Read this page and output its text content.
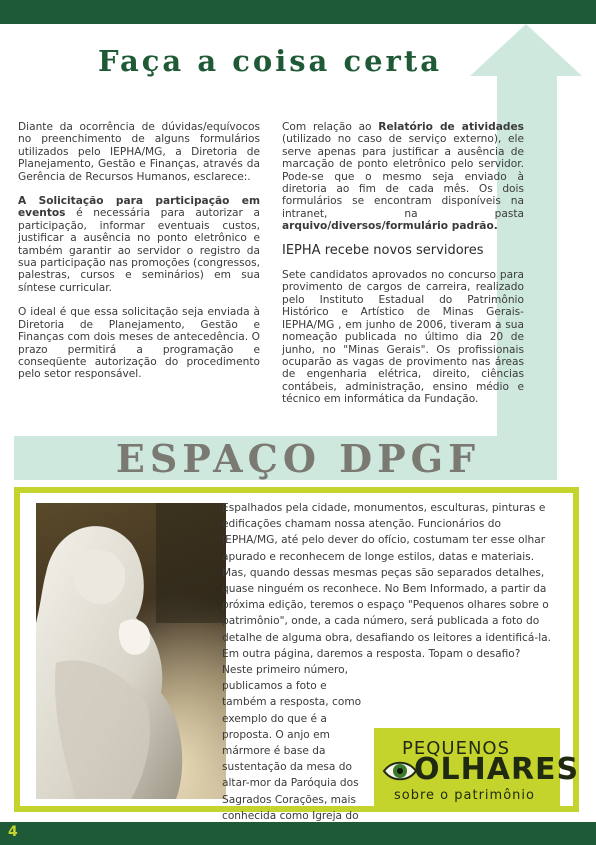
Faça a coisa certa

Diante da ocorrência de dúvidas/equívocos no preenchimento de alguns formulários utilizados pelo IEPHA/MG, a Diretoria de Planejamento, Gestão e Finanças, através da Gerência de Recursos Humanos, esclarece:.

A Solicitação para participação em eventos é necessária para autorizar a participação, informar eventuais custos, justificar a ausência no ponto eletrônico e também garantir ao servidor o registro da sua participação nas promoções (congressos, palestras, cursos e seminários) em sua síntese curricular.

O ideal é que essa solicitação seja enviada à Diretoria de Planejamento, Gestão e Finanças com dois meses de antecedência. O prazo permitirá a programação e conseqüente autorização do procedimento pelo setor responsável.

Com relação ao Relatório de atividades (utilizado no caso de serviço externo), ele serve apenas para justificar a ausência de marcação de ponto eletrônico pelo servidor. Pode-se que o mesmo seja enviado à diretoria ao fim de cada mês. Os dois formulários se encontram disponíveis na intranet, na pasta arquivo/diversos/formulário padrão.

IEPHA recebe novos servidores

Sete candidatos aprovados no concurso para provimento de cargos de carreira, realizado pelo Instituto Estadual do Patrimônio Histórico e Artístico de Minas Gerais- IEPHA/MG , em junho de 2006, tiveram a sua nomeação publicada no último dia 20 de junho, no "Minas Gerais". Os profissionais ocuparão as vagas de provimento nas áreas de engenharia elétrica, direito, ciências contábeis, administração, ensino médio e técnico em informática da Fundação.

ESPAÇO DPGF

Espalhados pela cidade, monumentos, esculturas, pinturas e edificações chamam nossa atenção. Funcionários do IEPHA/MG, até pelo dever do ofício, costumam ter esse olhar apurado e reconhecem de longe estilos, datas e materiais. Mas, quando dessas mesmas peças são separados detalhes, quase ninguém os reconhece. No Bem Informado, a partir da próxima edição, teremos o espaço "Pequenos olhares sobre o patrimônio", onde, a cada número, será publicada a foto do detalhe de alguma obra, desafiando os leitores a identificá-la. Em outra página, daremos a resposta. Topam o desafio?

Neste primeiro número, publicamos a foto e também a resposta, como exemplo do que é a proposta. O anjo em mármore é base da sustentação da mesa do altar-mor da Paróquia dos Sagrados Corações, mais conhecida como Igreja do

PEQUENOS
OLHARES
sobre o patrimônio
4
